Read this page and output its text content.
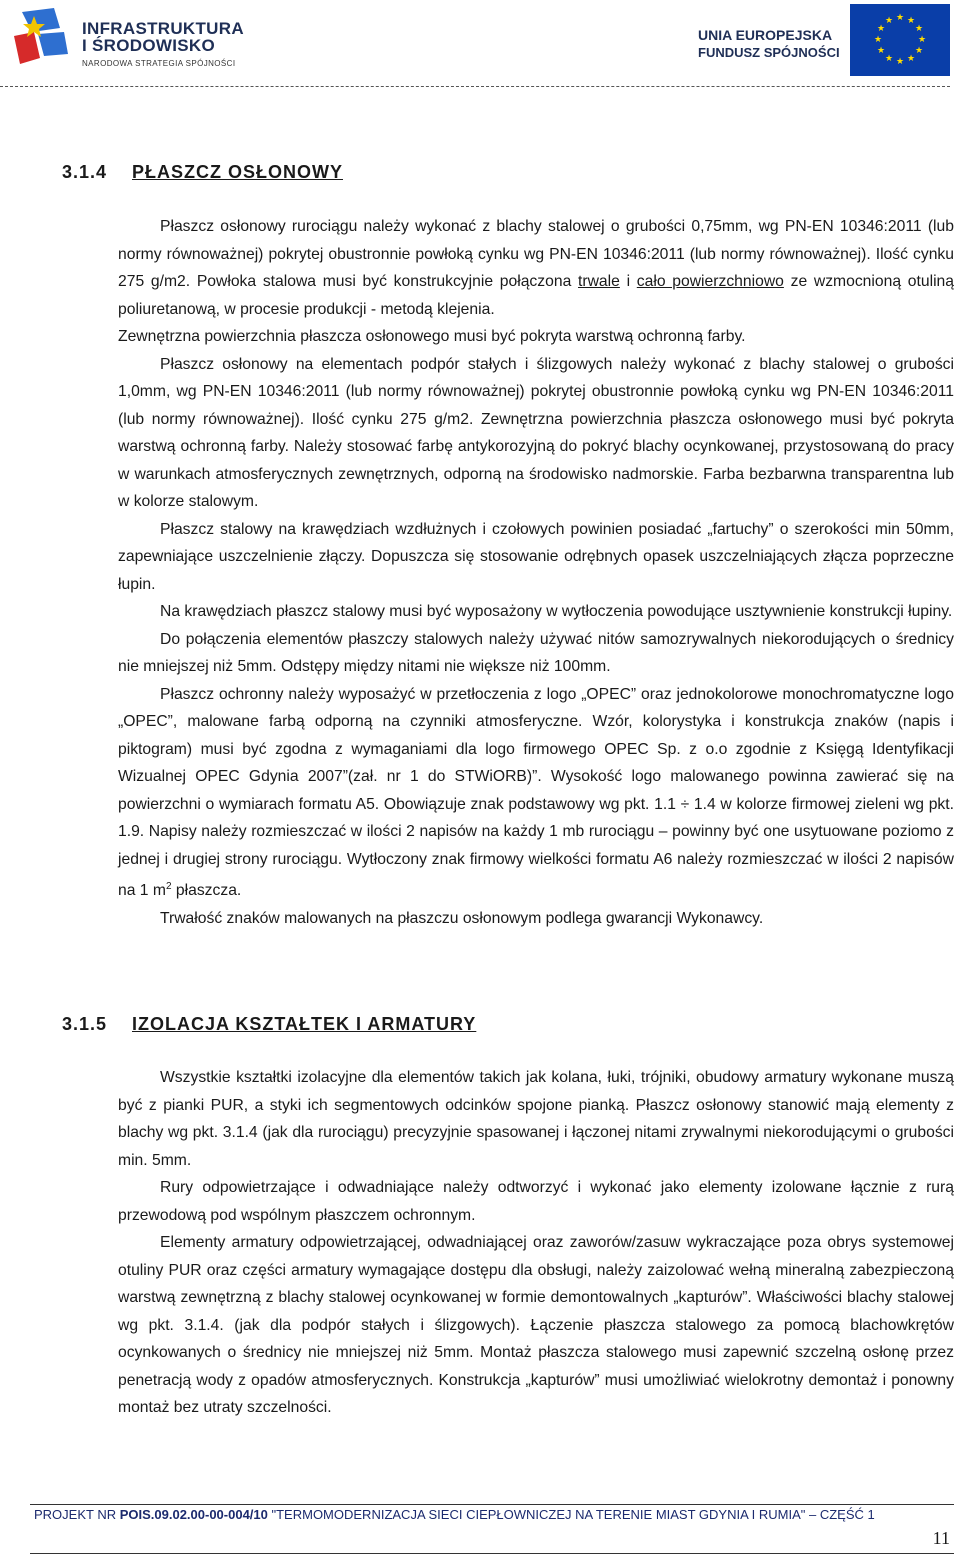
INFRASTRUKTURA
I ŚRODOWISKO
NARODOWA STRATEGIA SPÓJNOŚCI
UNIA EUROPEJSKA
FUNDUSZ SPÓJNOŚCI
★ ★
★
★
★
★
★
★
★
★
★
★
3.1.4 PŁASZCZ OSŁONOWY

Płaszcz osłonowy rurociągu należy wykonać z blachy stalowej o grubości 0,75mm, wg PN-EN 10346:2011 (lub normy równoważnej) pokrytej obustronnie powłoką cynku wg PN-EN 10346:2011 (lub normy równoważnej). Ilość cynku 275 g/m2. Powłoka stalowa musi być konstrukcyjnie połączona trwale i cało powierzchniowo ze wzmocnioną otuliną poliuretanową, w procesie produkcji - metodą klejenia.

Zewnętrzna powierzchnia płaszcza osłonowego musi być pokryta warstwą ochronną farby.

Płaszcz osłonowy na elementach podpór stałych i ślizgowych należy wykonać z blachy stalowej o grubości 1,0mm, wg PN-EN 10346:2011 (lub normy równoważnej) pokrytej obustronnie powłoką cynku wg PN-EN 10346:2011 (lub normy równoważnej). Ilość cynku 275 g/m2. Zewnętrzna powierzchnia płaszcza osłonowego musi być pokryta warstwą ochronną farby. Należy stosować farbę antykorozyjną do pokryć blachy ocynkowanej, przystosowaną do pracy w warunkach atmosferycznych zewnętrznych, odporną na środowisko nadmorskie. Farba bezbarwna transparentna lub w kolorze stalowym.

Płaszcz stalowy na krawędziach wzdłużnych i czołowych powinien posiadać „fartuchy” o szerokości min 50mm, zapewniające uszczelnienie złączy. Dopuszcza się stosowanie odrębnych opasek uszczelniających złącza poprzeczne łupin.

Na krawędziach płaszcz stalowy musi być wyposażony w wytłoczenia powodujące usztywnienie konstrukcji łupiny.

Do połączenia elementów płaszczy stalowych należy używać nitów samozrywalnych niekorodujących o średnicy nie mniejszej niż 5mm. Odstępy między nitami nie większe niż 100mm.

Płaszcz ochronny należy wyposażyć w przetłoczenia z logo „OPEC” oraz jednokolorowe monochromatyczne logo „OPEC”, malowane farbą odporną na czynniki atmosferyczne. Wzór, kolorystyka i konstrukcja znaków (napis i piktogram) musi być zgodna z wymaganiami dla logo firmowego OPEC Sp. z o.o zgodnie z Księgą Identyfikacji Wizualnej OPEC Gdynia 2007”(zał. nr 1 do STWiORB)”. Wysokość logo malowanego powinna zawierać się na powierzchni o wymiarach formatu A5. Obowiązuje znak podstawowy wg pkt. 1.1 ÷ 1.4 w kolorze firmowej zieleni wg pkt. 1.9. Napisy należy rozmieszczać w ilości 2 napisów na każdy 1 mb rurociągu – powinny być one usytuowane poziomo z jednej i drugiej strony rurociągu. Wytłoczony znak firmowy wielkości formatu A6 należy rozmieszczać w ilości 2 napisów na 1 $m^2$ płaszcza.

Trwałość znaków malowanych na płaszczu osłonowym podlega gwarancji Wykonawcy.

3.1.5 IZOLACJA KSZTAŁTEK I ARMATURY

Wszystkie kształtki izolacyjne dla elementów takich jak kolana, łuki, trójniki, obudowy armatury wykonane muszą być z pianki PUR, a styki ich segmentowych odcinków spojone pianką. Płaszcz osłonowy stanowić mają elementy z blachy wg pkt. 3.1.4 (jak dla rurociągu) precyzyjnie spasowanej i łączonej nitami zrywalnymi niekorodującymi o grubości min. 5mm.

Rury odpowietrzające i odwadniające należy odtworzyć i wykonać jako elementy izolowane łącznie z rurą przewodową pod wspólnym płaszczem ochronnym.

Elementy armatury odpowietrzającej, odwadniającej oraz zaworów/zasuw wykraczające poza obrys systemowej otuliny PUR oraz części armatury wymagające dostępu dla obsługi, należy zaizolować wełną mineralną zabezpieczoną warstwą zewnętrzną z blachy stalowej ocynkowanej w formie demontowalnych „kapturów”. Właściwości blachy stalowej wg pkt. 3.1.4. (jak dla podpór stałych i ślizgowych). Łączenie płaszcza stalowego za pomocą blachowkrętów ocynkowanych o średnicy nie mniejszej niż 5mm. Montaż płaszcza stalowego musi zapewnić szczelną osłonę przez penetracją wody z opadów atmosferycznych. Konstrukcja „kapturów” musi umożliwiać wielokrotny demontaż i ponowny montaż bez utraty szczelności.

PROJEKT NR POIS.09.02.00-00-004/10 "TERMOMODERNIZACJA SIECI CIEPŁOWNICZEJ NA TERENIE MIAST GDYNIA I RUMIA" – CZĘŚĆ 1
11
